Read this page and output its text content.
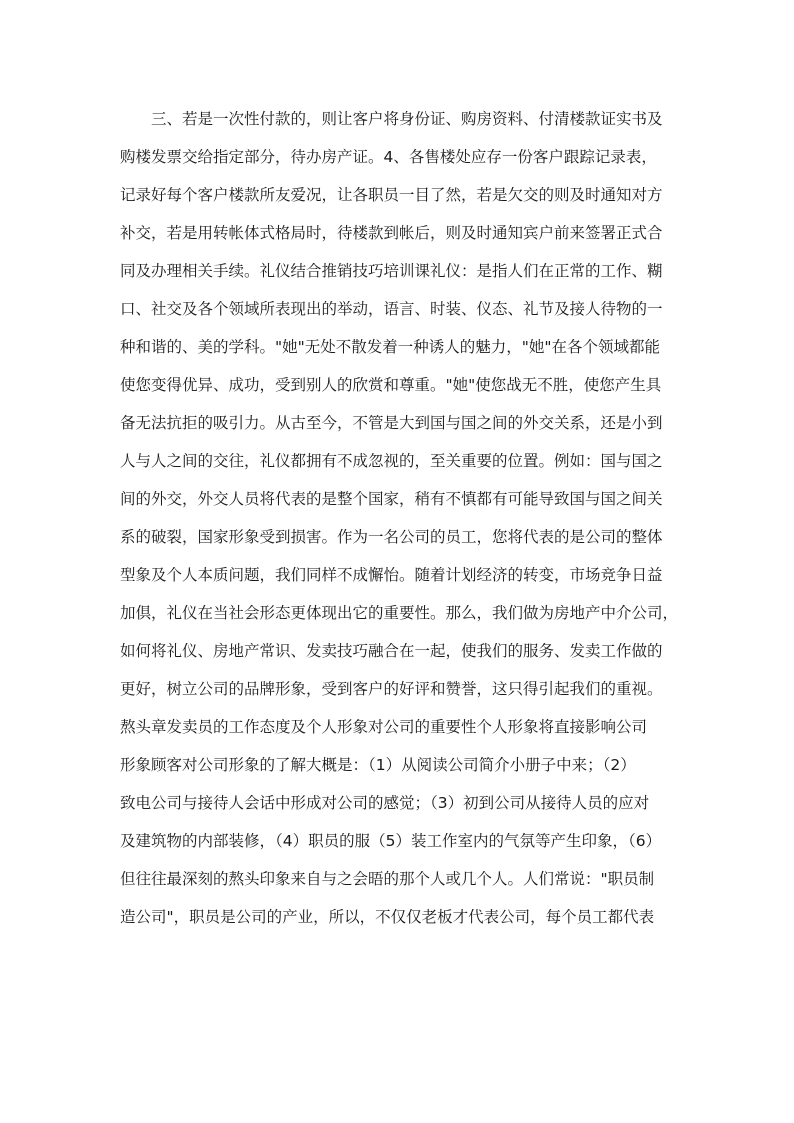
三、若是一次性付款的，则让客户将身份证、购房资料、付清楼款证实书及
购楼发票交给指定部分，待办房产证。4、各售楼处应存一份客户跟踪记录表，
记录好每个客户楼款所友爱况，让各职员一目了然，若是欠交的则及时通知对方
补交，若是用转帐体式格局时，待楼款到帐后，则及时通知宾户前来签署正式合
同及办理相关手续。礼仪结合推销技巧培训课礼仪：是指人们在正常的工作、糊
口、社交及各个领域所表现出的举动，语言、时装、仪态、礼节及接人待物的一
种和谐的、美的学科。"她"无处不散发着一种诱人的魅力，"她"在各个领域都能
使您变得优异、成功，受到别人的欣赏和尊重。"她"使您战无不胜，使您产生具
备无法抗拒的吸引力。从古至今，不管是大到国与国之间的外交关系，还是小到
人与人之间的交往，礼仪都拥有不成忽视的，至关重要的位置。例如：国与国之
间的外交，外交人员将代表的是整个国家，稍有不慎都有可能导致国与国之间关
系的破裂，国家形象受到损害。作为一名公司的员工，您将代表的是公司的整体
型象及个人本质问题，我们同样不成懈怡。随着计划经济的转变，市场竞争日益
加倶，礼仪在当社会形态更体现出它的重要性。那么，我们做为房地产中介公司，
如何将礼仪、房地产常识、发卖技巧融合在一起，使我们的服务、发卖工作做的
更好，树立公司的品牌形象，受到客户的好评和赞誉，这只得引起我们的重视。
熬头章发卖员的工作态度及个人形象对公司的重要性个人形象将直接影响公司
形象顾客对公司形象的了解大概是：（1）从阅读公司简介小册子中来；（2）
致电公司与接待人会话中形成对公司的感觉；（3）初到公司从接待人员的应对
及建筑物的内部装修，（4）职员的服（5）装工作室内的气氛等产生印象，（6）
但往往最深刻的熬头印象来自与之会晤的那个人或几个人。人们常说："职员制
造公司"，职员是公司的产业，所以，不仅仅老板才代表公司，每个员工都代表
